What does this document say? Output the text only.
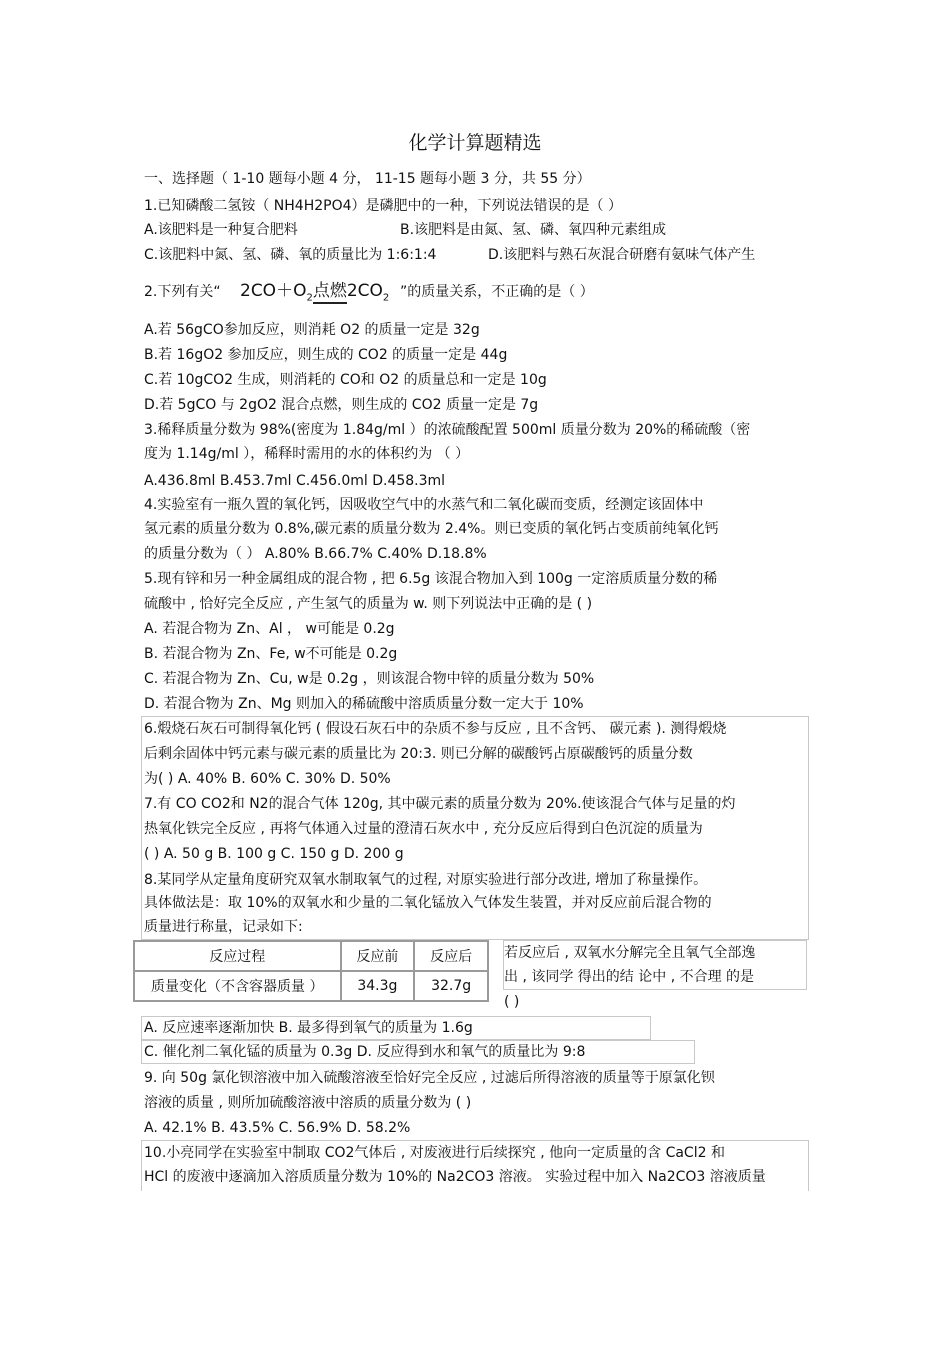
化学计算题精选
一、选择题（ 1-10 题每小题 4 分， 11-15 题每小题 3 分，共 55 分）
1.已知磷酸二氢铵（ NH4H2PO4）是磷肥中的一种，下列说法错误的是（ ）
A.该肥料是一种复合肥料	B.该肥料是由氮、氢、磷、氧四种元素组成
C.该肥料中氮、氢、磷、氧的质量比为 1:6:1:4	D.该肥料与熟石灰混合研磨有氨味气体产生
2.下列有关“ $2CO+O_2$点燃$2CO_2$ ”的质量关系，不正确的是（ ）
A.若 56gCO参加反应，则消耗 O2 的质量一定是 32g
B.若 16gO2 参加反应，则生成的 CO2 的质量一定是 44g
C.若 10gCO2 生成，则消耗的 CO和 O2 的质量总和一定是 10g
D.若 5gCO 与 2gO2 混合点燃，则生成的 CO2 质量一定是 7g
3.稀释质量分数为 98%(密度为 1.84g/ml ）的浓硫酸配置 500ml 质量分数为 20%的稀硫酸（密
度为 1.14g/ml ），稀释时需用的水的体积约为 （ ）
A.436.8ml B.453.7ml C.456.0ml D.458.3ml
4.实验室有一瓶久置的氧化钙，因吸收空气中的水蒸气和二氧化碳而变质，经测定该固体中
氢元素的质量分数为 0.8%,碳元素的质量分数为 2.4%。则已变质的氧化钙占变质前纯氧化钙
的质量分数为（ ） A.80% B.66.7% C.40% D.18.8%
5.现有锌和另一种金属组成的混合物 , 把 6.5g 该混合物加入到 100g 一定溶质质量分数的稀
硫酸中 , 恰好完全反应 , 产生氢气的质量为 w. 则下列说法中正确的是 ( )
A. 若混合物为 Zn、Al ， w可能是 0.2g
B. 若混合物为 Zn、Fe, w不可能是 0.2g
C. 若混合物为 Zn、Cu, w是 0.2g ，则该混合物中锌的质量分数为 50%
D. 若混合物为 Zn、Mg 则加入的稀硫酸中溶质质量分数一定大于 10%
6.煅烧石灰石可制得氧化钙 ( 假设石灰石中的杂质不参与反应 , 且不含钙、 碳元素 ). 测得煅烧
后剩余固体中钙元素与碳元素的质量比为 20:3. 则已分解的碳酸钙占原碳酸钙的质量分数
为( ) A. 40% B. 60% C. 30% D. 50%
7.有 CO CO2和 N2的混合气体 120g, 其中碳元素的质量分数为 20%.使该混合气体与足量的灼
热氧化铁完全反应 , 再将气体通入过量的澄清石灰水中 , 充分反应后得到白色沉淀的质量为
( ) A. 50 g B. 100 g C. 150 g D. 200 g
8.某同学从定量角度研究双氧水制取氧气的过程, 对原实验进行部分改进, 增加了称量操作。
具体做法是：取 10%的双氧水和少量的二氧化锰放入气体发生装置，并对反应前后混合物的
质量进行称量，记录如下:
反应过程	反应前	反应后
质量变化（不含容器质量 ）	34.3g	32.7g
若反应后 , 双氧水分解完全且氧气全部逸
出 , 该同学 得出的结 论中 , 不合理 的是
( )
A. 反应速率逐渐加快 B. 最多得到氧气的质量为 1.6g
C. 催化剂二氧化锰的质量为 0.3g D. 反应得到水和氧气的质量比为 9:8
9. 向 50g 氯化钡溶液中加入硫酸溶液至恰好完全反应 , 过滤后所得溶液的质量等于原氯化钡
溶液的质量 , 则所加硫酸溶液中溶质的质量分数为 ( )
A. 42.1% B. 43.5% C. 56.9% D. 58.2%
10.小亮同学在实验室中制取 CO2气体后 , 对废液进行后续探究 , 他向一定质量的含 CaCl2 和
HCl 的废液中逐滴加入溶质质量分数为 10%的 Na2CO3 溶液。 实验过程中加入 Na2CO3 溶液质量
